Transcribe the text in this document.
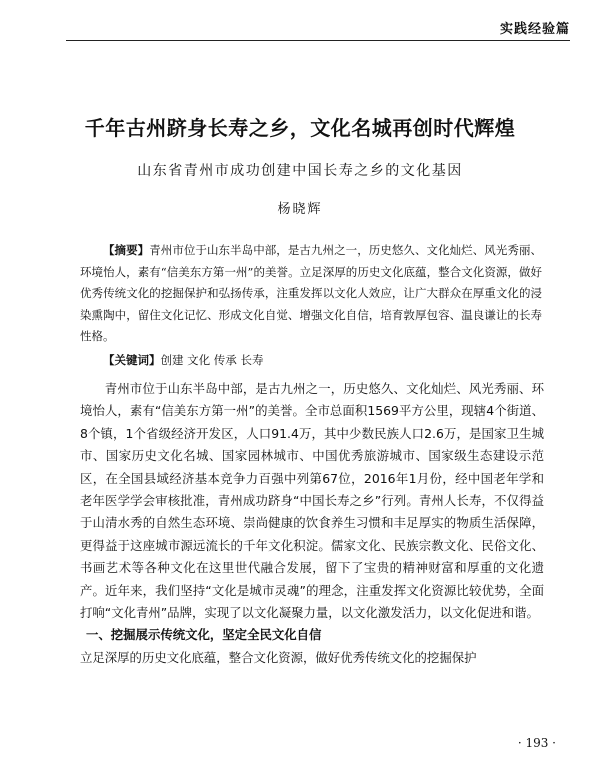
实践经验篇
千年古州跻身长寿之乡，文化名城再创时代辉煌
山东省青州市成功创建中国长寿之乡的文化基因
杨晓辉
【摘要】青州市位于山东半岛中部，是古九州之一，历史悠久、文化灿烂、风光秀丽、环境怡人，素有“信美东方第一州”的美誉。立足深厚的历史文化底蕴，整合文化资源，做好优秀传统文化的挖掘保护和弘扬传承，注重发挥以文化人效应，让广大群众在厚重文化的浸染熏陶中，留住文化记忆、形成文化自觉、增强文化自信，培育敦厚包容、温良谦让的长寿性格。
【关键词】创建 文化 传承 长寿

青州市位于山东半岛中部，是古九州之一，历史悠久、文化灿烂、风光秀丽、环境怡人，素有“信美东方第一州”的美誉。全市总面积1569平方公里，现辖4个街道、8个镇，1个省级经济开发区，人口91.4万，其中少数民族人口2.6万，是国家卫生城市、国家历史文化名城、国家园林城市、中国优秀旅游城市、国家级生态建设示范区，在全国县域经济基本竞争力百强中列第67位，2016年1月份，经中国老年学和老年医学学会审核批准，青州成功跻身“中国长寿之乡”行列。青州人长寿，不仅得益于山清水秀的自然生态环境、崇尚健康的饮食养生习惯和丰足厚实的物质生活保障，更得益于这座城市源远流长的千年文化积淀。儒家文化、民族宗教文化、民俗文化、书画艺术等各种文化在这里世代融合发展，留下了宝贵的精神财富和厚重的文化遗产。近年来，我们坚持“文化是城市灵魂”的理念，注重发挥文化资源比较优势，全面打响“文化青州”品牌，实现了以文化凝聚力量，以文化激发活力，以文化促进和谐。

一、挖掘展示传统文化，坚定全民文化自信

立足深厚的历史文化底蕴，整合文化资源，做好优秀传统文化的挖掘保护

· 193 ·
